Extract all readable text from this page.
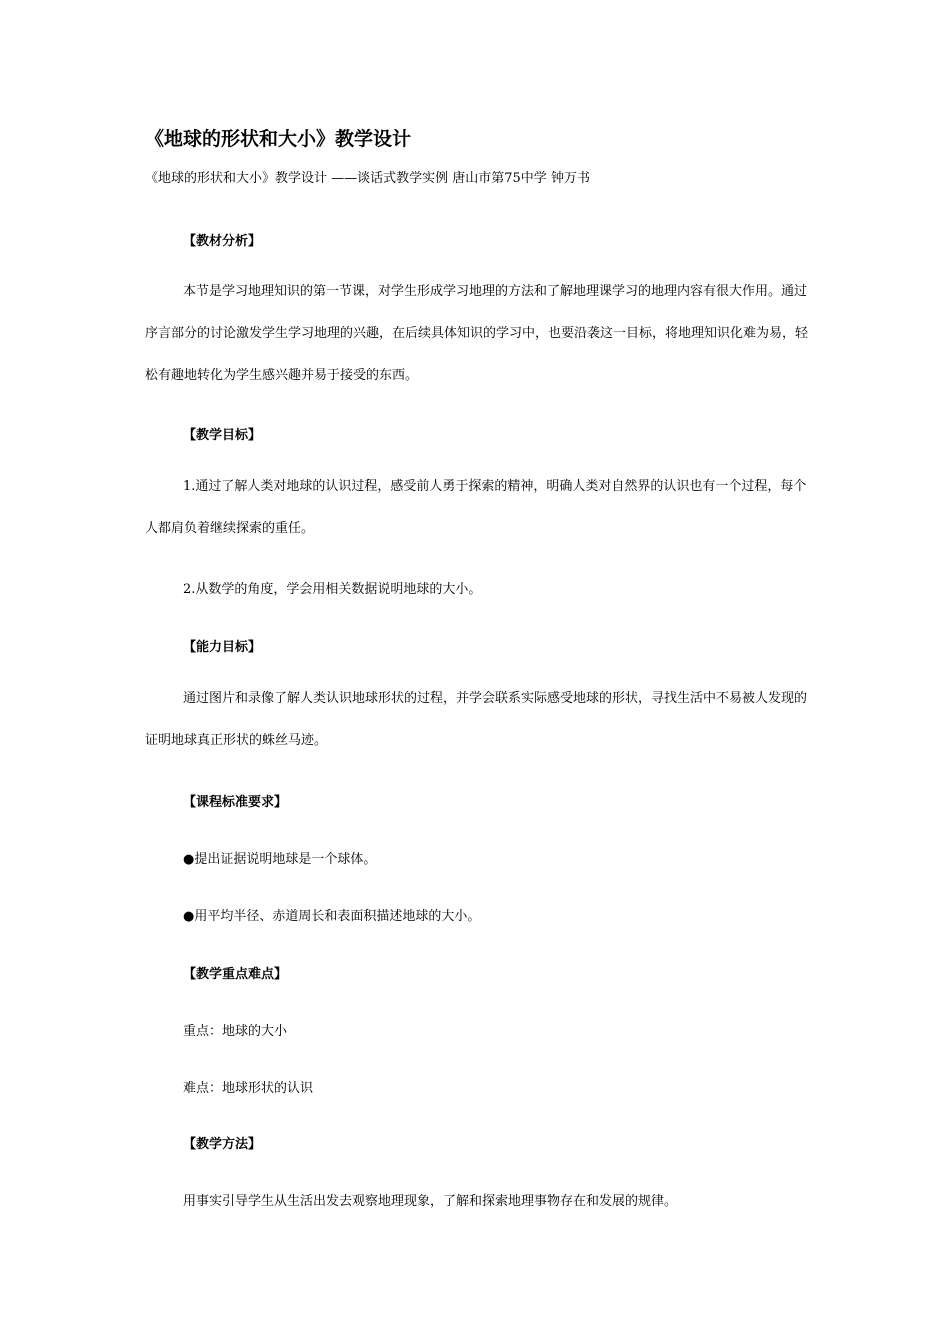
《地球的形状和大小》教学设计
《地球的形状和大小》教学设计 ——谈话式教学实例 唐山市第75中学 钟万书
【教材分析】
本节是学习地理知识的第一节课，对学生形成学习地理的方法和了解地理课学习的地理内容有很大作用。通过序言部分的讨论激发学生学习地理的兴趣，在后续具体知识的学习中，也要沿袭这一目标，将地理知识化难为易，轻松有趣地转化为学生感兴趣并易于接受的东西。
【教学目标】
1.通过了解人类对地球的认识过程，感受前人勇于探索的精神，明确人类对自然界的认识也有一个过程，每个人都肩负着继续探索的重任。
2.从数学的角度，学会用相关数据说明地球的大小。
【能力目标】
通过图片和录像了解人类认识地球形状的过程，并学会联系实际感受地球的形状，寻找生活中不易被人发现的证明地球真正形状的蛛丝马迹。
【课程标准要求】
●提出证据说明地球是一个球体。
●用平均半径、赤道周长和表面积描述地球的大小。
【教学重点难点】
重点：地球的大小
难点：地球形状的认识
【教学方法】
用事实引导学生从生活出发去观察地理现象，了解和探索地理事物存在和发展的规律。
